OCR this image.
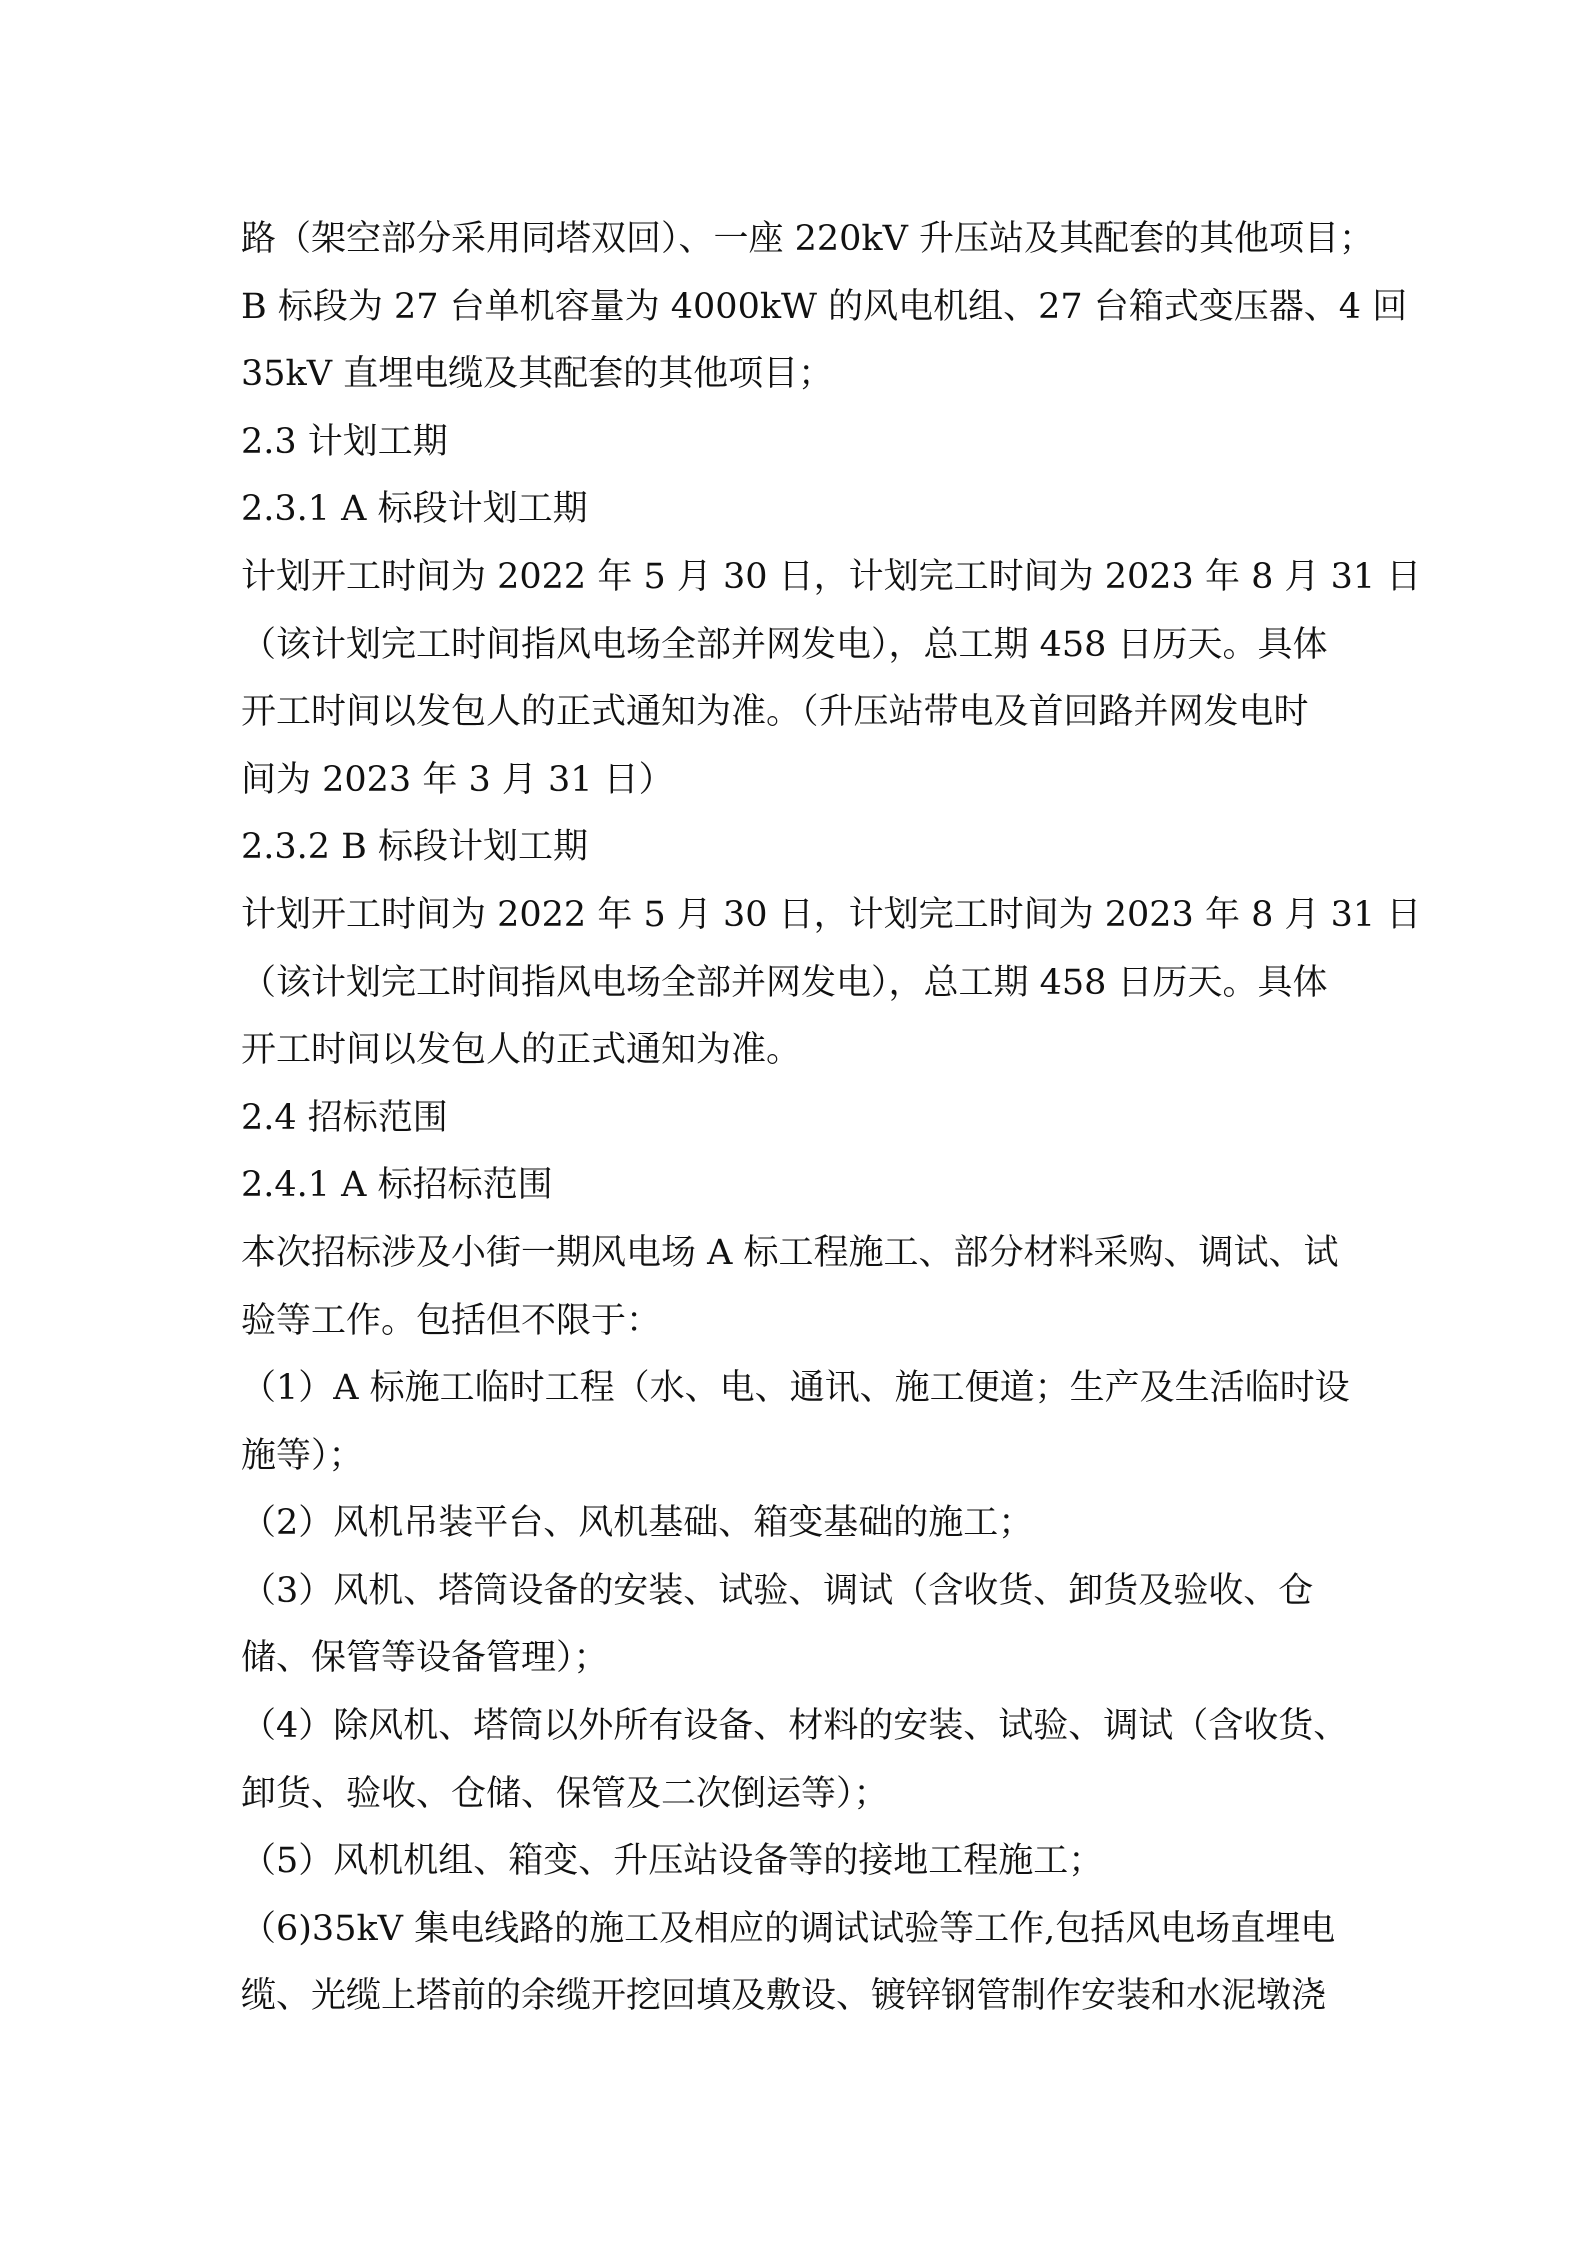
路（架空部分采用同塔双回）、一座 220kV 升压站及其配套的其他项目；
B 标段为 27 台单机容量为 4000kW 的风电机组、27 台箱式变压器、4 回
35kV 直埋电缆及其配套的其他项目；
2.3 计划工期
2.3.1 A 标段计划工期
计划开工时间为 2022 年 5 月 30 日，计划完工时间为 2023 年 8 月 31 日
（该计划完工时间指风电场全部并网发电），总工期 458 日历天。具体
开工时间以发包人的正式通知为准。（升压站带电及首回路并网发电时
间为 2023 年 3 月 31 日）
2.3.2 B 标段计划工期
计划开工时间为 2022 年 5 月 30 日，计划完工时间为 2023 年 8 月 31 日
（该计划完工时间指风电场全部并网发电），总工期 458 日历天。具体
开工时间以发包人的正式通知为准。
2.4 招标范围
2.4.1 A 标招标范围
本次招标涉及小街一期风电场 A 标工程施工、部分材料采购、调试、试
验等工作。包括但不限于：
（1）A 标施工临时工程（水、电、通讯、施工便道；生产及生活临时设
施等）；
（2）风机吊装平台、风机基础、箱变基础的施工；
（3）风机、塔筒设备的安装、试验、调试（含收货、卸货及验收、仓
储、保管等设备管理）；
（4）除风机、塔筒以外所有设备、材料的安装、试验、调试（含收货、
卸货、验收、仓储、保管及二次倒运等）；
（5）风机机组、箱变、升压站设备等的接地工程施工；
（6)35kV 集电线路的施工及相应的调试试验等工作,包括风电场直埋电
缆、光缆上塔前的余缆开挖回填及敷设、镀锌钢管制作安装和水泥墩浇
